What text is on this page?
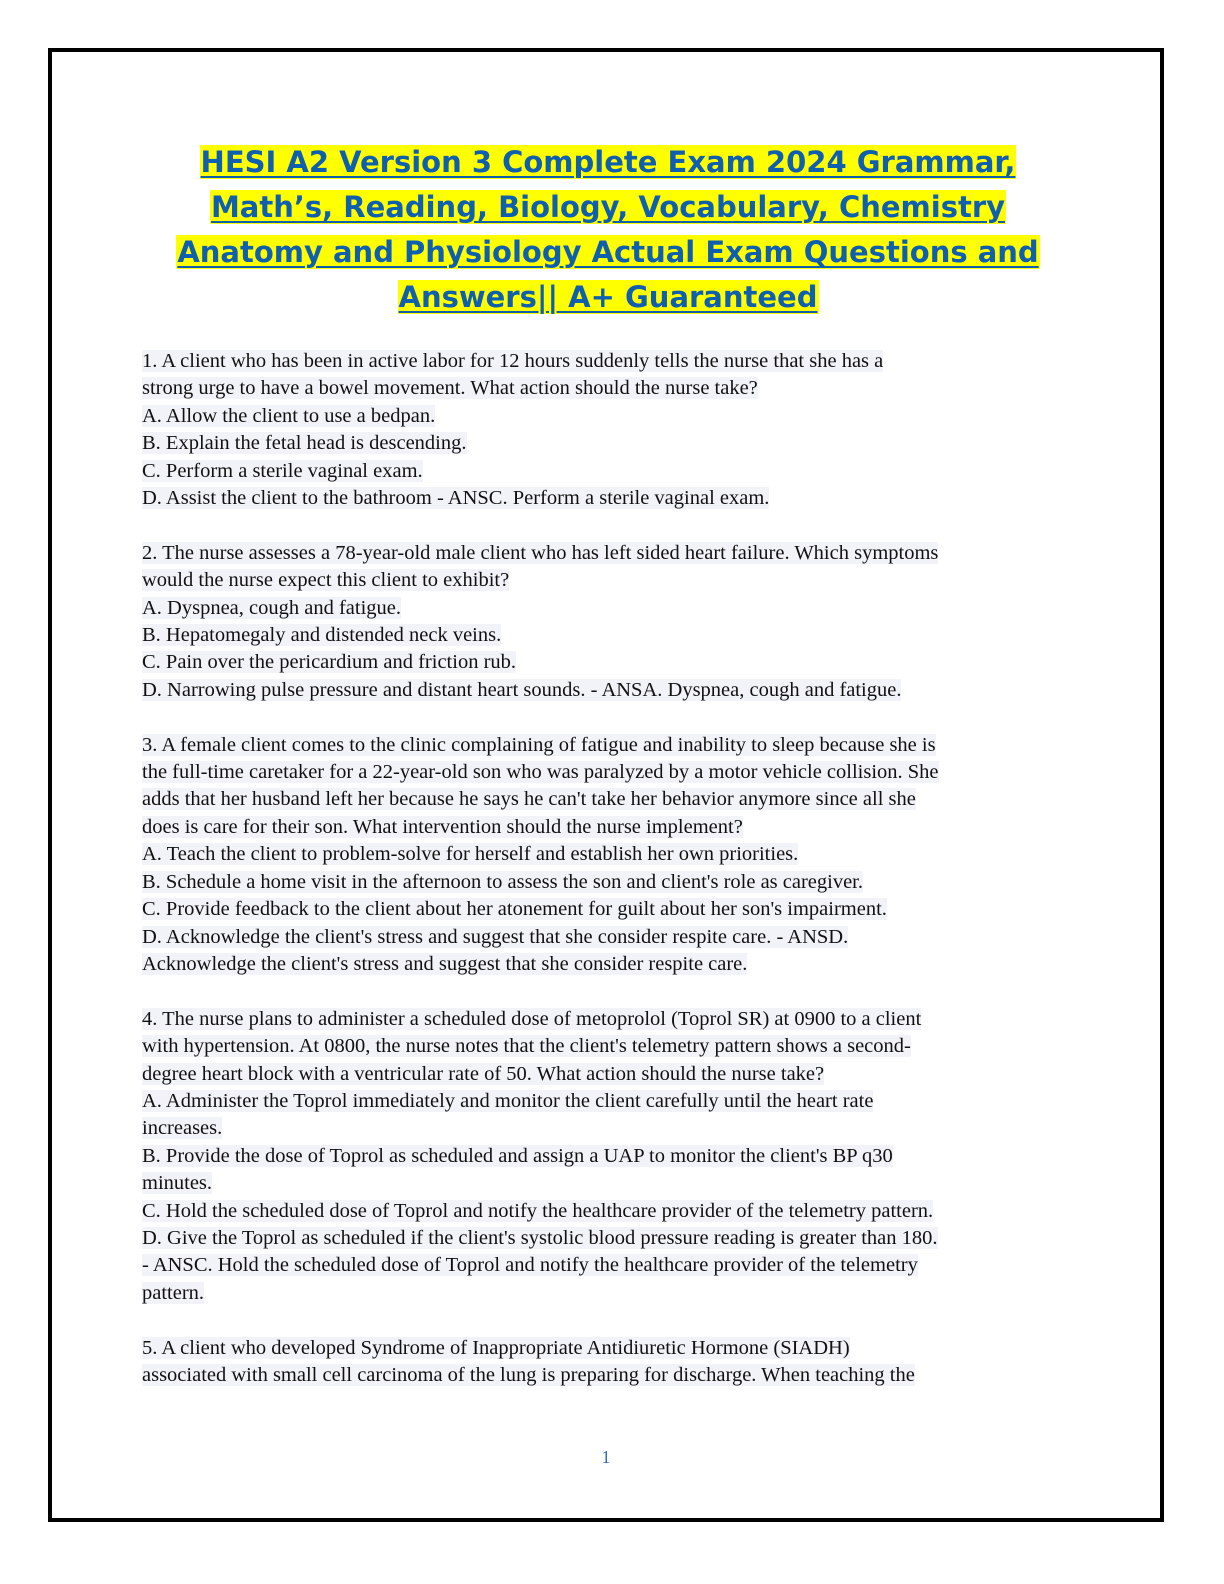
HESI A2 Version 3 Complete Exam 2024 Grammar,
Math’s, Reading, Biology, Vocabulary, Chemistry
Anatomy and Physiology Actual Exam Questions and
Answers|| A+ Guaranteed
1. A client who has been in active labor for 12 hours suddenly tells the nurse that she has a
strong urge to have a bowel movement. What action should the nurse take?
A. Allow the client to use a bedpan.
B. Explain the fetal head is descending.
C. Perform a sterile vaginal exam.
D. Assist the client to the bathroom - ANSC. Perform a sterile vaginal exam.
2. The nurse assesses a 78-year-old male client who has left sided heart failure. Which symptoms
would the nurse expect this client to exhibit?
A. Dyspnea, cough and fatigue.
B. Hepatomegaly and distended neck veins.
C. Pain over the pericardium and friction rub.
D. Narrowing pulse pressure and distant heart sounds. - ANSA. Dyspnea, cough and fatigue.
3. A female client comes to the clinic complaining of fatigue and inability to sleep because she is
the full-time caretaker for a 22-year-old son who was paralyzed by a motor vehicle collision. She
adds that her husband left her because he says he can't take her behavior anymore since all she
does is care for their son. What intervention should the nurse implement?
A. Teach the client to problem-solve for herself and establish her own priorities.
B. Schedule a home visit in the afternoon to assess the son and client's role as caregiver.
C. Provide feedback to the client about her atonement for guilt about her son's impairment.
D. Acknowledge the client's stress and suggest that she consider respite care. - ANSD.
Acknowledge the client's stress and suggest that she consider respite care.
4. The nurse plans to administer a scheduled dose of metoprolol (Toprol SR) at 0900 to a client
with hypertension. At 0800, the nurse notes that the client's telemetry pattern shows a second-
degree heart block with a ventricular rate of 50. What action should the nurse take?
A. Administer the Toprol immediately and monitor the client carefully until the heart rate
increases.
B. Provide the dose of Toprol as scheduled and assign a UAP to monitor the client's BP q30
minutes.
C. Hold the scheduled dose of Toprol and notify the healthcare provider of the telemetry pattern.
D. Give the Toprol as scheduled if the client's systolic blood pressure reading is greater than 180.
- ANSC. Hold the scheduled dose of Toprol and notify the healthcare provider of the telemetry
pattern.
5. A client who developed Syndrome of Inappropriate Antidiuretic Hormone (SIADH)
associated with small cell carcinoma of the lung is preparing for discharge. When teaching the
1
